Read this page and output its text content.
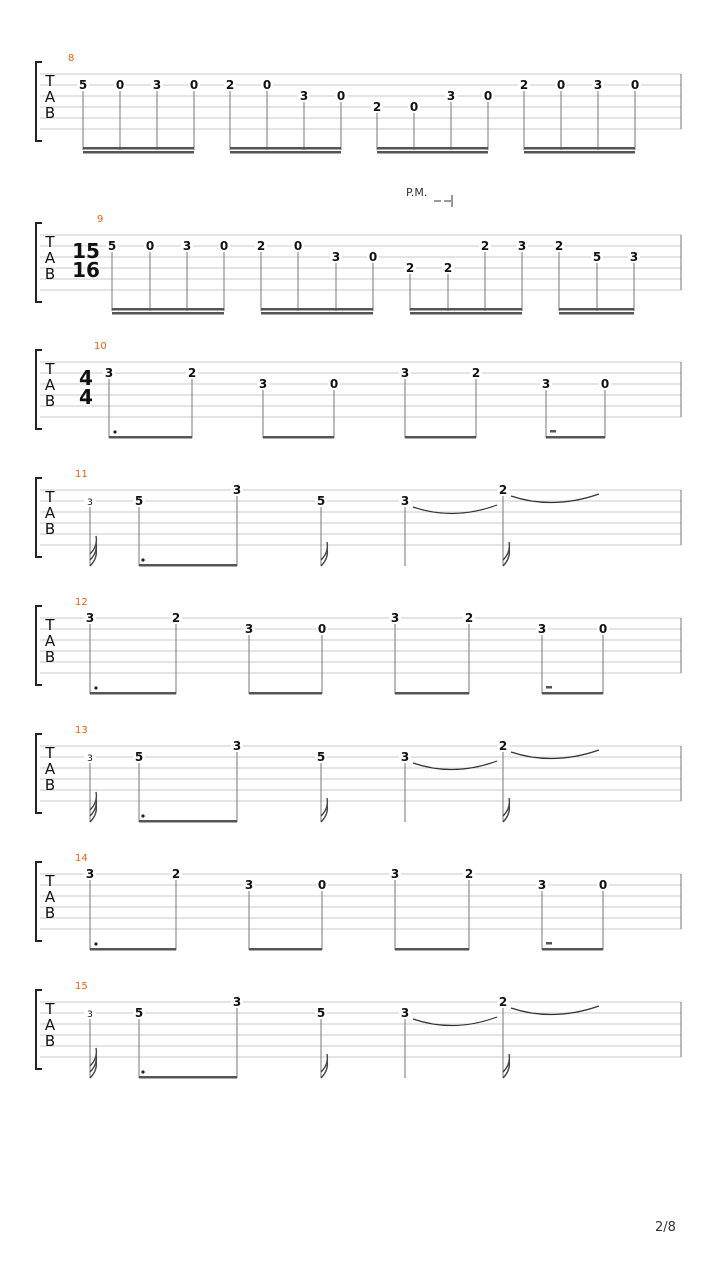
T
A
B
8
5 0 3 0 2 0
3 0
2 0
3 0
2 0 3 0
T
A
B
9
15
16
5 0 3 0 2 0
3 0
2 2
2 3 2
5 3
T
A
B
10
4
4
3	2
3	0
3	2
3	0
T
A
B
11
3	5
3
5	3
2
T
A
B
12
3	2
3	0
3	2
3	0
T
A
B
13
3	5
3
5	3
2
T
A
B
14
3	2
3	0
3	2
3	0
T
A
B
15
3	5
3
5	3
2
P.M.
2/8
